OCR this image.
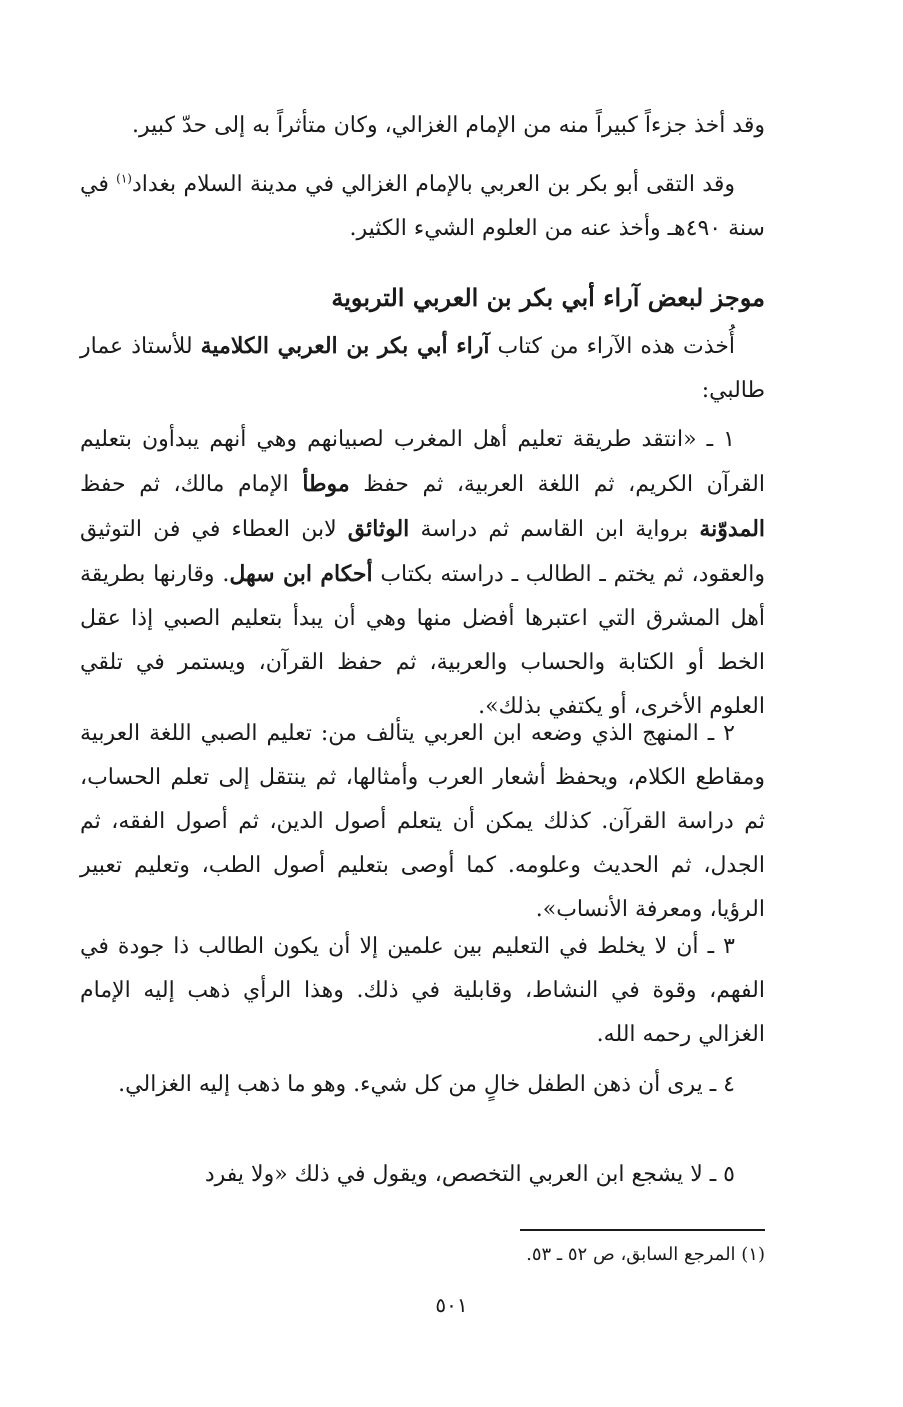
وقد أخذ جزءاً كبيراً منه من الإمام الغزالي، وكان متأثراً به إلى حدّ كبير.

وقد التقى أبو بكر بن العربي بالإمام الغزالي في مدينة السلام بغداد$^{(١)}$ في سنة ٤٩٠هـ وأخذ عنه من العلوم الشيء الكثير.
موجز لبعض آراء أبي بكر بن العربي التربوية
أُخذت هذه الآراء من كتاب آراء أبي بكر بن العربي الكلامية للأستاذ عمار طالبي:
١ ـ «انتقد طريقة تعليم أهل المغرب لصبيانهم وهي أنهم يبدأون بتعليم القرآن الكريم، ثم اللغة العربية، ثم حفظ موطأ الإمام مالك، ثم حفظ المدوّنة برواية ابن القاسم ثم دراسة الوثائق لابن العطاء في فن التوثيق والعقود، ثم يختم ـ الطالب ـ دراسته بكتاب أحكام ابن سهل. وقارنها بطريقة أهل المشرق التي اعتبرها أفضل منها وهي أن يبدأ بتعليم الصبي إذا عقل الخط أو الكتابة والحساب والعربية، ثم حفظ القرآن، ويستمر في تلقي العلوم الأخرى، أو يكتفي بذلك».

٢ ـ المنهج الذي وضعه ابن العربي يتألف من: تعليم الصبي اللغة العربية ومقاطع الكلام، ويحفظ أشعار العرب وأمثالها، ثم ينتقل إلى تعلم الحساب، ثم دراسة القرآن. كذلك يمكن أن يتعلم أصول الدين، ثم أصول الفقه، ثم الجدل، ثم الحديث وعلومه. كما أوصى بتعليم أصول الطب، وتعليم تعبير الرؤيا، ومعرفة الأنساب».

٣ ـ أن لا يخلط في التعليم بين علمين إلا أن يكون الطالب ذا جودة في الفهم، وقوة في النشاط، وقابلية في ذلك. وهذا الرأي ذهب إليه الإمام الغزالي رحمه الله.

٤ ـ يرى أن ذهن الطفل خالٍ من كل شيء. وهو ما ذهب إليه الغزالي.

٥ ـ لا يشجع ابن العربي التخصص، ويقول في ذلك «ولا يفرد

(١) المرجع السابق، ص ٥٢ ـ ٥٣.
٥٠١
